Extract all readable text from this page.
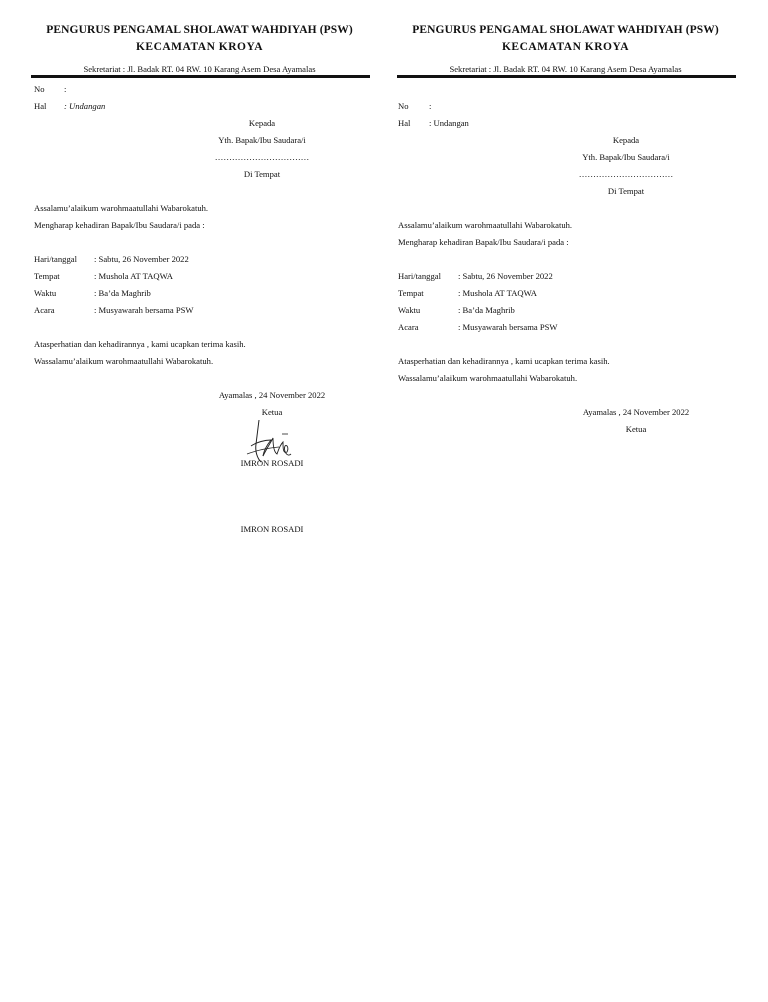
PENGURUS PENGAMAL SHOLAWAT WAHDIYAH (PSW)
KECAMATAN KROYA
Sekretariat : Jl. Badak RT. 04 RW. 10 Karang Asem Desa Ayamalas
No :
Hal : Undangan
Kepada
Yth. Bapak/Ibu Saudara/i
……………………………
Di Tempat
Assalamu’alaikum warohmaatullahi Wabarokatuh.
Mengharap kehadiran Bapak/Ibu Saudara/i pada :
Hari/tanggal : Sabtu, 26 November 2022
Tempat	: Mushola AT TAQWA
Waktu	: Ba’da Maghrib
Acara	: Musyawarah bersama PSW
Atasperhatian dan kehadirannya , kami ucapkan terima kasih.
Wassalamu’alaikum warohmaatullahi Wabarokatuh.
Ayamalas , 24 November 2022
Ketua
IMRON ROSADI
IMRON ROSADI
PENGURUS PENGAMAL SHOLAWAT WAHDIYAH (PSW)
KECAMATAN KROYA
Sekretariat : Jl. Badak RT. 04 RW. 10 Karang Asem Desa Ayamalas
No :
Hal : Undangan
Kepada
Yth. Bapak/Ibu Saudara/i
……………………………
Di Tempat
Assalamu’alaikum warohmaatullahi Wabarokatuh.
Mengharap kehadiran Bapak/Ibu Saudara/i pada :
Hari/tanggal : Sabtu, 26 November 2022
Tempat	: Mushola AT TAQWA
Waktu	: Ba’da Maghrib
Acara	: Musyawarah bersama PSW
Atasperhatian dan kehadirannya , kami ucapkan terima kasih.
Wassalamu’alaikum warohmaatullahi Wabarokatuh.
Ayamalas , 24 November 2022
Ketua
